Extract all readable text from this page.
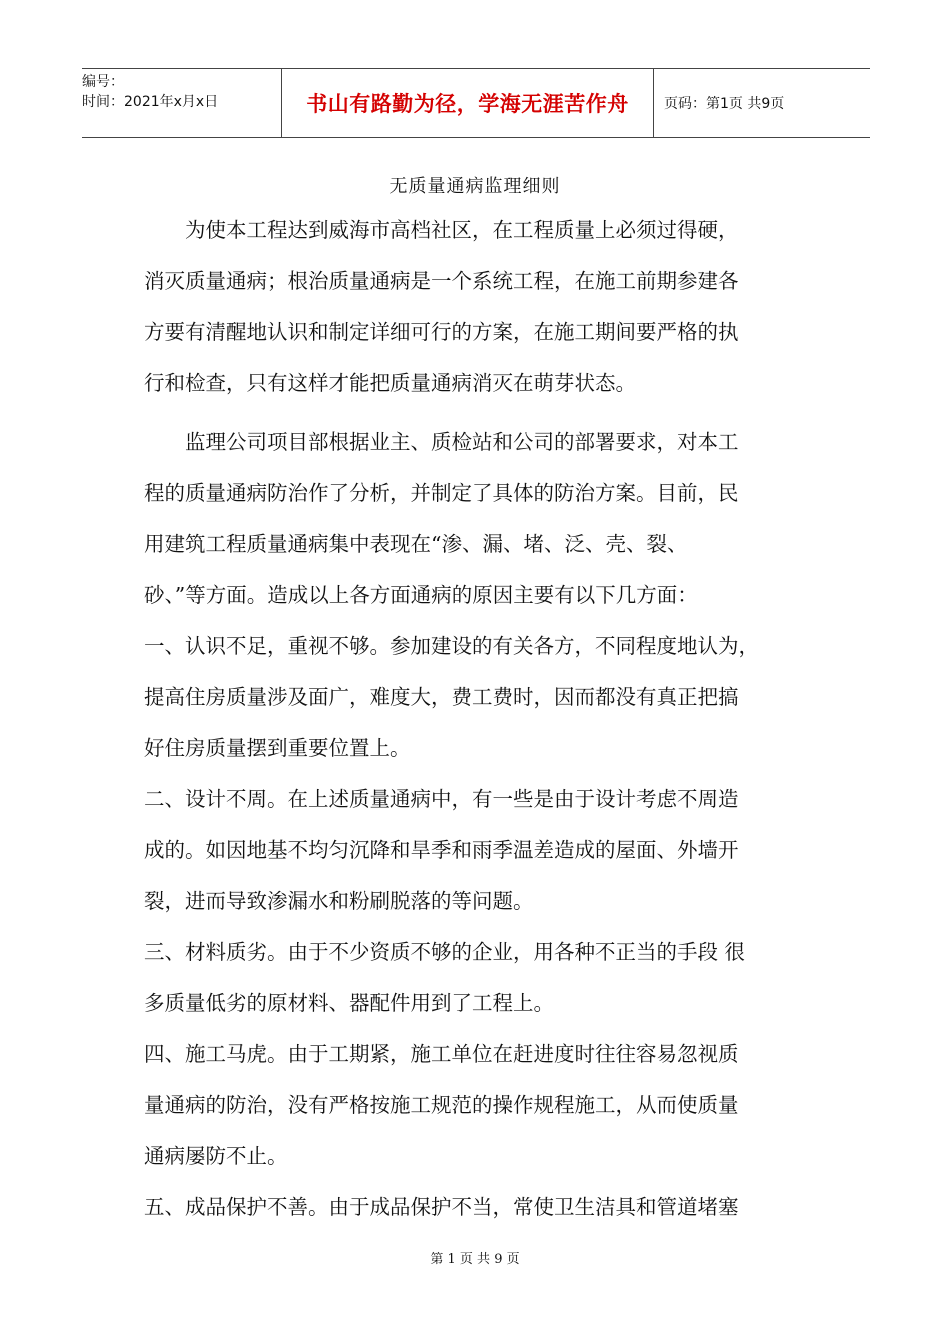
编号：
时间：2021年x月x日	书山有路勤为径，学海无涯苦作舟	页码：第1页 共9页
无质量通病监理细则
　　为使本工程达到威海市高档社区，在工程质量上必须过得硬，
消灭质量通病；根治质量通病是一个系统工程，在施工前期参建各
方要有清醒地认识和制定详细可行的方案，在施工期间要严格的执
行和检查，只有这样才能把质量通病消灭在萌芽状态。
　　监理公司项目部根据业主、质检站和公司的部署要求，对本工
程的质量通病防治作了分析，并制定了具体的防治方案。目前，民
用建筑工程质量通病集中表现在“渗、漏、堵、泛、壳、裂、
砂、”等方面。造成以上各方面通病的原因主要有以下几方面：
一、认识不足，重视不够。参加建设的有关各方，不同程度地认为，
提高住房质量涉及面广，难度大，费工费时，因而都没有真正把搞
好住房质量摆到重要位置上。
二、设计不周。在上述质量通病中，有一些是由于设计考虑不周造
成的。如因地基不均匀沉降和旱季和雨季温差造成的屋面、外墙开
裂，进而导致渗漏水和粉刷脱落的等问题。
三、材料质劣。由于不少资质不够的企业，用各种不正当的手段 很
多质量低劣的原材料、器配件用到了工程上。
四、施工马虎。由于工期紧，施工单位在赶进度时往往容易忽视质
量通病的防治，没有严格按施工规范的操作规程施工，从而使质量
通病屡防不止。
五、成品保护不善。由于成品保护不当，常使卫生洁具和管道堵塞
第 1 页 共 9 页
